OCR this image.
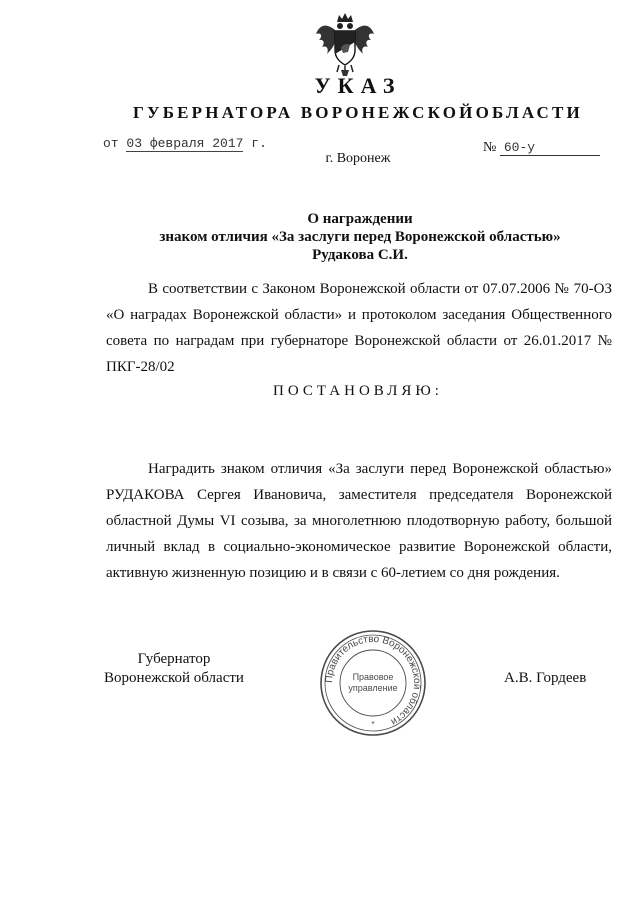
УКАЗ
ГУБЕРНАТОРА ВОРОНЕЖСКОЙОБЛАСТИ
от 03 февраля 2017 г.	№ 60-у
г. Воронеж
О награждении
знаком отличия «За заслуги перед Воронежской областью»
Рудакова С.И.

В соответствии с Законом Воронежской области от 07.07.2006 № 70-ОЗ «О наградах Воронежской области» и протоколом заседания Общественного совета по наградам при губернаторе Воронежской области от 26.01.2017 № ПКГ-28/02

ПОСТАНОВЛЯЮ:

Наградить знаком отличия «За заслуги перед Воронежской областью» РУДАКОВА Сергея Ивановича, заместителя председателя Воронежской областной Думы VI созыва, за многолетнюю плодотворную работу, большой личный вклад в социально-экономическое развитие Воронежской области, активную жизненную позицию и в связи с 60-летием со дня рождения.

Губернатор
Воронежской области	Правительство Воронежской области
Правовое
управление
*
А.В. Гордеев
